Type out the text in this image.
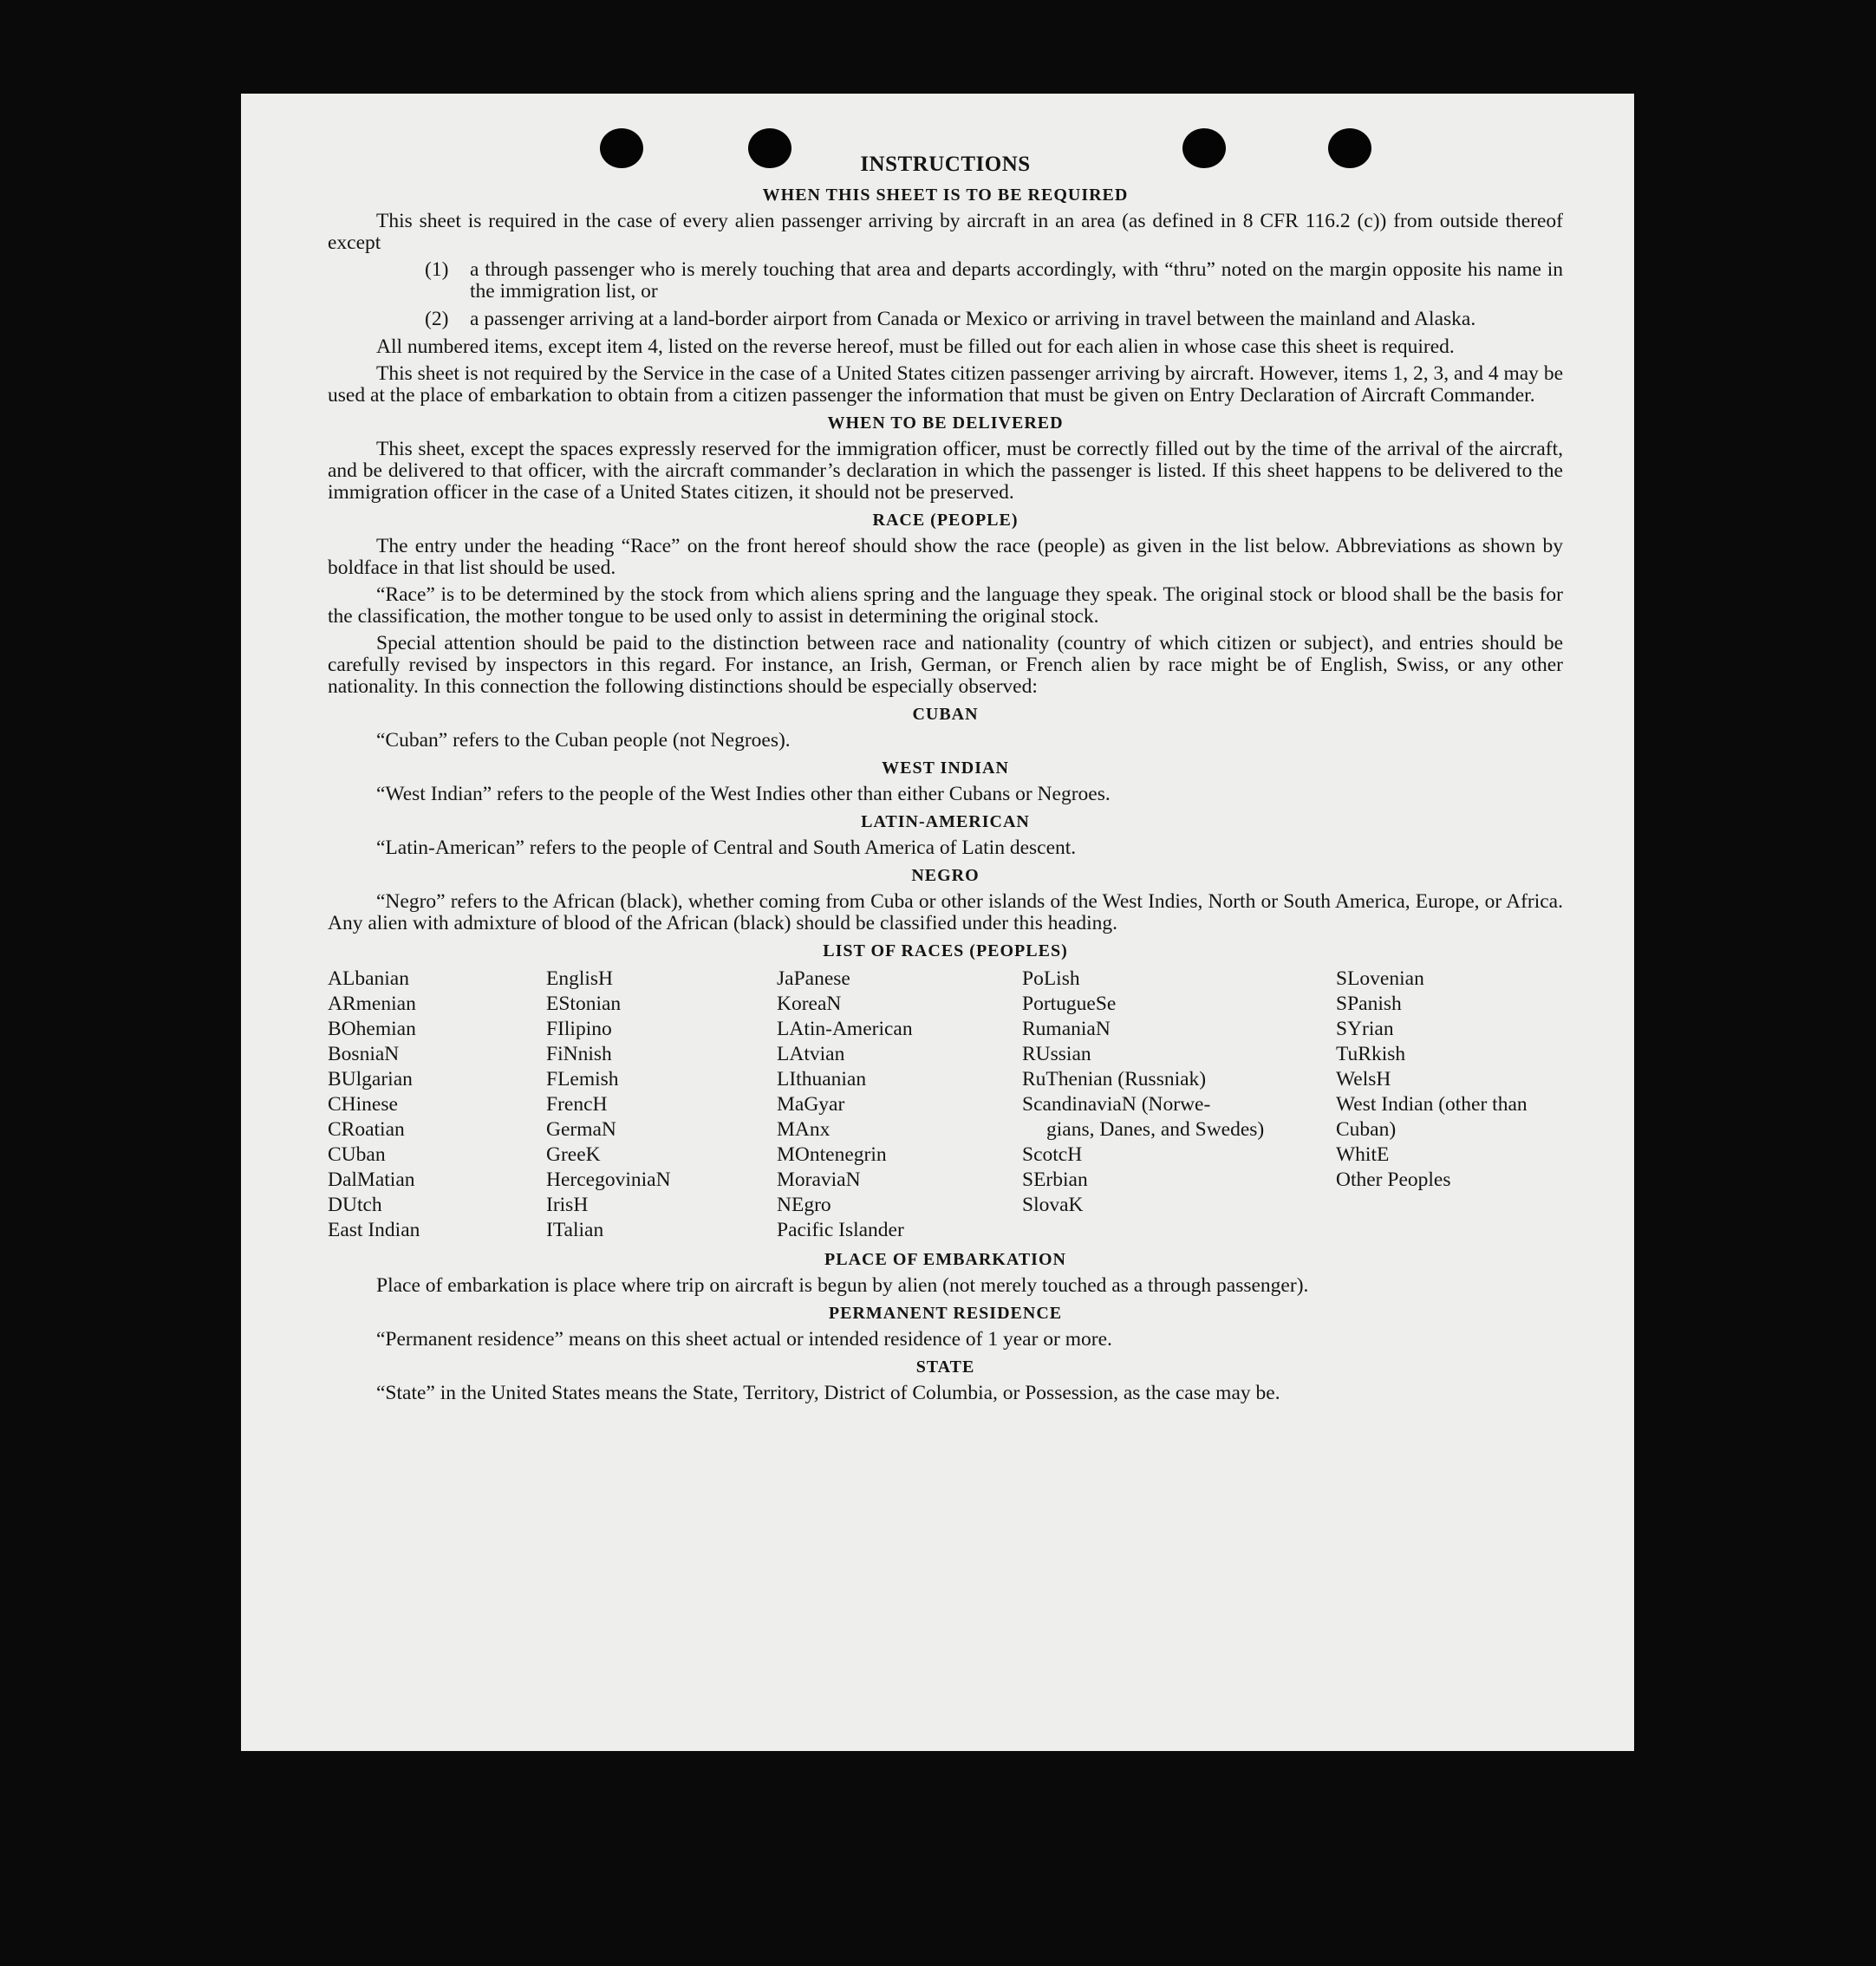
INSTRUCTIONS
WHEN THIS SHEET IS TO BE REQUIRED

This sheet is required in the case of every alien passenger arriving by aircraft in an area (as defined in 8 CFR 116.2 (c)) from outside thereof except

(1)	a through passenger who is merely touching that area and departs accordingly, with “thru” noted on the margin opposite his name in the immigration list, or
(2)	a passenger arriving at a land-border airport from Canada or Mexico or arriving in travel between the mainland and Alaska.

All numbered items, except item 4, listed on the reverse hereof, must be filled out for each alien in whose case this sheet is required.

This sheet is not required by the Service in the case of a United States citizen passenger arriving by aircraft. However, items 1, 2, 3, and 4 may be used at the place of embarkation to obtain from a citizen passenger the information that must be given on Entry Declaration of Aircraft Commander.

WHEN TO BE DELIVERED

This sheet, except the spaces expressly reserved for the immigration officer, must be correctly filled out by the time of the arrival of the aircraft, and be delivered to that officer, with the aircraft commander’s declaration in which the passenger is listed. If this sheet happens to be delivered to the immigration officer in the case of a United States citizen, it should not be preserved.

RACE (PEOPLE)

The entry under the heading “Race” on the front hereof should show the race (people) as given in the list below. Abbreviations as shown by boldface in that list should be used.

“Race” is to be determined by the stock from which aliens spring and the language they speak. The original stock or blood shall be the basis for the classification, the mother tongue to be used only to assist in determining the original stock.

Special attention should be paid to the distinction between race and nationality (country of which citizen or subject), and entries should be carefully revised by inspectors in this regard. For instance, an Irish, German, or French alien by race might be of English, Swiss, or any other nationality. In this connection the following distinctions should be especially observed:

CUBAN

“Cuban” refers to the Cuban people (not Negroes).

WEST INDIAN

“West Indian” refers to the people of the West Indies other than either Cubans or Negroes.

LATIN-AMERICAN

“Latin-American” refers to the people of Central and South America of Latin descent.

NEGRO

“Negro” refers to the African (black), whether coming from Cuba or other islands of the West Indies, North or South America, Europe, or Africa. Any alien with admixture of blood of the African (black) should be classified under this heading.

LIST OF RACES (PEOPLES)
ALbanian
ARmenian
BOhemian
BosniaN
BUlgarian
CHinese
CRoatian
CUban
DalMatian
DUtch
East Indian
EnglisH
EStonian
FIlipino
FiNnish
FLemish
FrencH
GermaN
GreeK
HercegoviniaN
IrisH
ITalian
JaPanese
KoreaN
LAtin-American
LAtvian
LIthuanian
MaGyar
MAnx
MOntenegrin
MoraviaN
NEgro
Pacific Islander
PoLish
PortugueSe
RumaniaN
RUssian
RuThenian (Russniak)
ScandinaviaN (Norwe-
gians, Danes, and Swedes)
ScotcH
SErbian
SlovaK
SLovenian
SPanish
SYrian
TuRkish
WelsH
West Indian (other than Cuban)
WhitE
Other Peoples
PLACE OF EMBARKATION

Place of embarkation is place where trip on aircraft is begun by alien (not merely touched as a through passenger).

PERMANENT RESIDENCE

“Permanent residence” means on this sheet actual or intended residence of 1 year or more.

STATE

“State” in the United States means the State, Territory, District of Columbia, or Possession, as the case may be.
